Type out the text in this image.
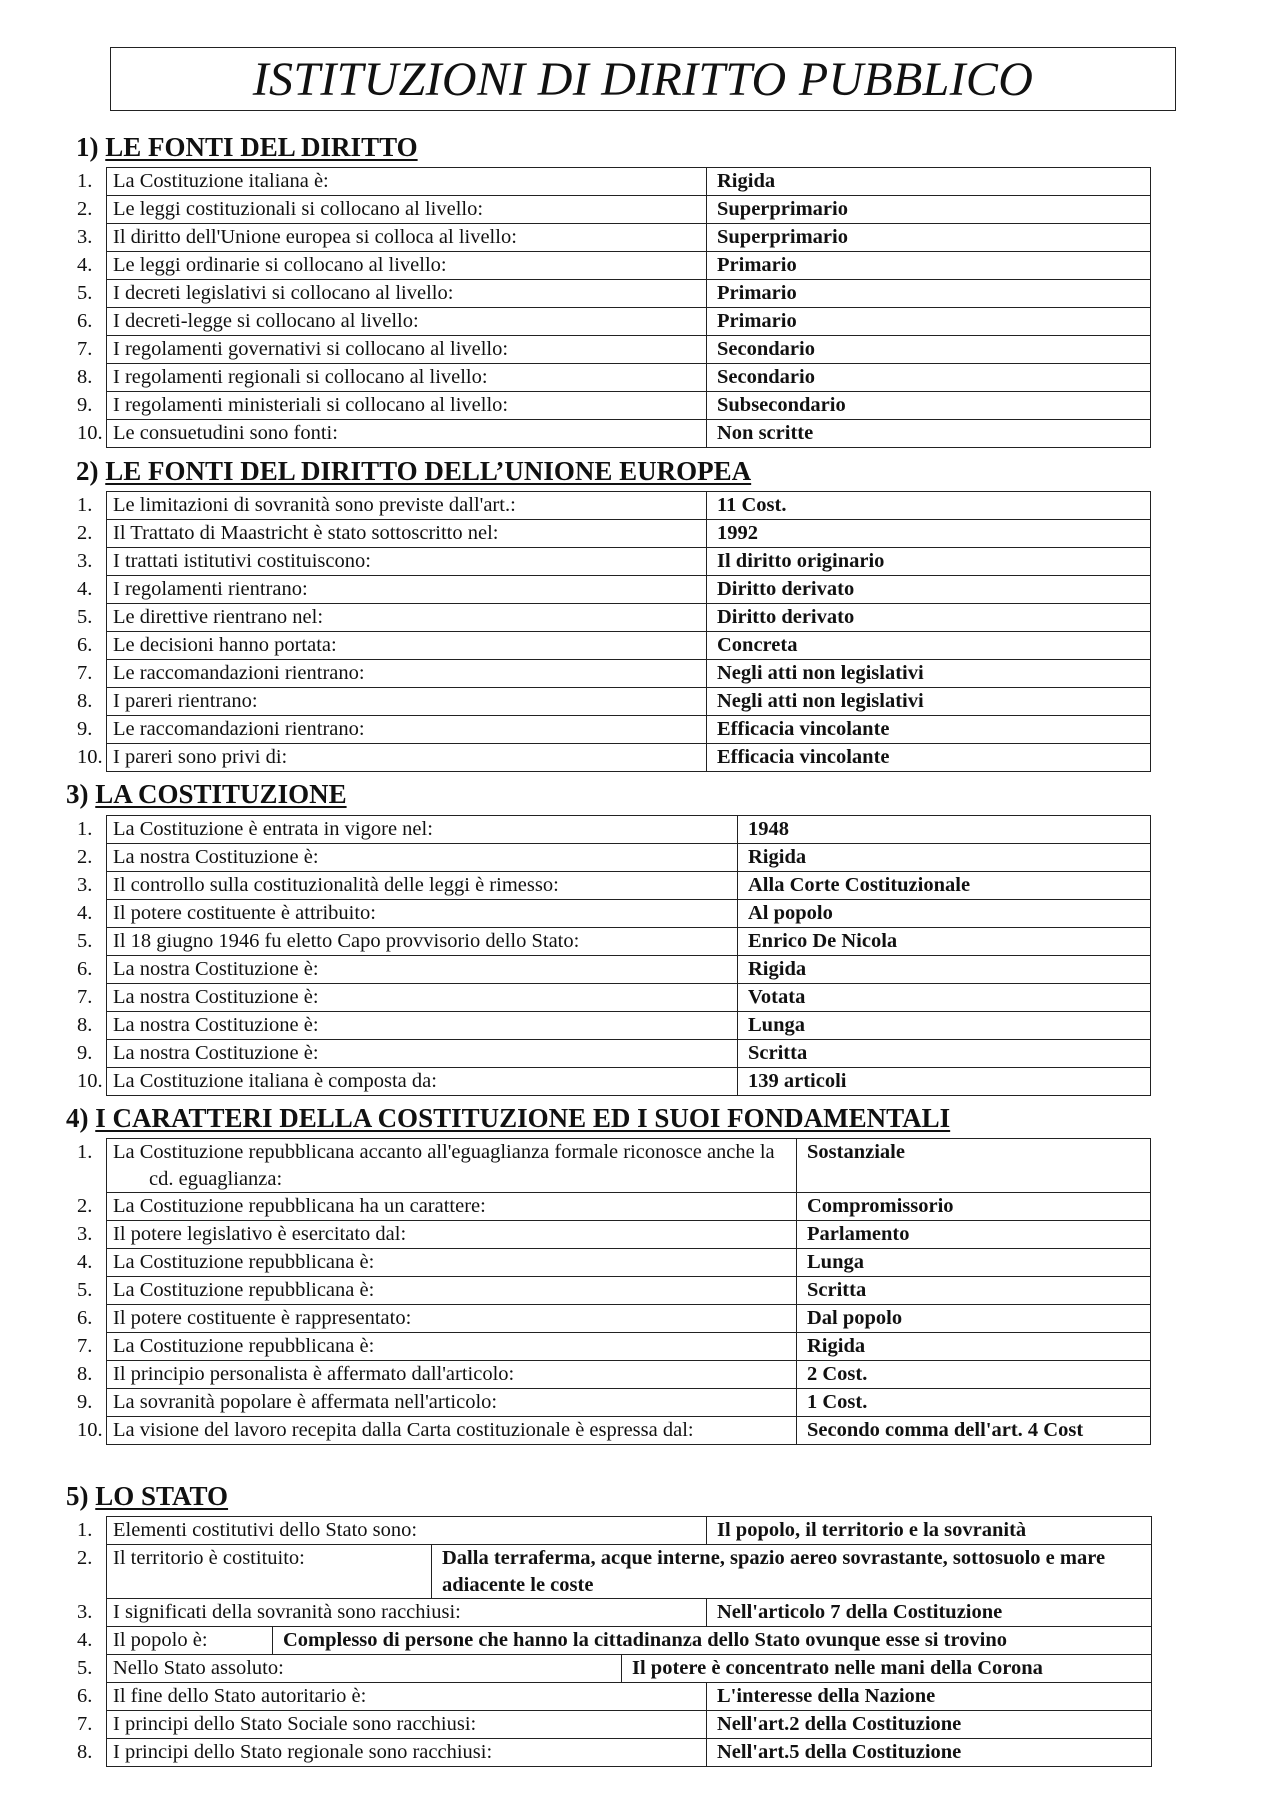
ISTITUZIONI DI DIRITTO PUBBLICO
1) LE FONTI DEL DIRITTO
1. La Costituzione italiana è:	Rigida

2. Le leggi costituzionali si collocano al livello:	Superprimario

3. Il diritto dell'Unione europea si colloca al livello:	Superprimario

4. Le leggi ordinarie si collocano al livello:	Primario

5. I decreti legislativi si collocano al livello:	Primario

6. I decreti-legge si collocano al livello:	Primario

7. I regolamenti governativi si collocano al livello:	Secondario

8. I regolamenti regionali si collocano al livello:	Secondario

9. I regolamenti ministeriali si collocano al livello:	Subsecondario

10. Le consuetudini sono fonti:	Non scritte
2) LE FONTI DEL DIRITTO DELL’UNIONE EUROPEA
1. Le limitazioni di sovranità sono previste dall'art.:	11 Cost.

2. Il Trattato di Maastricht è stato sottoscritto nel:	1992

3. I trattati istitutivi costituiscono:	Il diritto originario

4. I regolamenti rientrano:	Diritto derivato

5. Le direttive rientrano nel:	Diritto derivato

6. Le decisioni hanno portata:	Concreta

7. Le raccomandazioni rientrano:	Negli atti non legislativi

8. I pareri rientrano:	Negli atti non legislativi

9. Le raccomandazioni rientrano:	Efficacia vincolante

10. I pareri sono privi di:	Efficacia vincolante
3) LA COSTITUZIONE
1. La Costituzione è entrata in vigore nel:	1948

2. La nostra Costituzione è:	Rigida

3. Il controllo sulla costituzionalità delle leggi è rimesso:	Alla Corte Costituzionale

4. Il potere costituente è attribuito:	Al popolo

5. Il 18 giugno 1946 fu eletto Capo provvisorio dello Stato:	Enrico De Nicola

6. La nostra Costituzione è:	Rigida

7. La nostra Costituzione è:	Votata

8. La nostra Costituzione è:	Lunga

9. La nostra Costituzione è:	Scritta

10. La Costituzione italiana è composta da:	139 articoli
4) I CARATTERI DELLA COSTITUZIONE ED I SUOI FONDAMENTALI
1. La Costituzione repubblicana accanto all'eguaglianza formale riconosce anche la cd. eguaglianza:	Sostanziale

2. La Costituzione repubblicana ha un carattere:	Compromissorio

3. Il potere legislativo è esercitato dal:	Parlamento

4. La Costituzione repubblicana è:	Lunga

5. La Costituzione repubblicana è:	Scritta

6. Il potere costituente è rappresentato:	Dal popolo

7. La Costituzione repubblicana è:	Rigida

8. Il principio personalista è affermato dall'articolo:	2 Cost.

9. La sovranità popolare è affermata nell'articolo:	1 Cost.

10. La visione del lavoro recepita dalla Carta costituzionale è espressa dal:	Secondo comma dell'art. 4 Cost
5) LO STATO
1. Elementi costitutivi dello Stato sono:				Il popolo, il territorio e la sovranità

2. Il territorio è costituito:		Dalla terraferma, acque interne, spazio aereo sovrastante, sottosuolo e mare adiacente le coste		

3. I significati della sovranità sono racchiusi:				Nell'articolo 7 della Costituzione

4. Il popolo è:	Complesso di persone che hanno la cittadinanza dello Stato ovunque esse si trovino			

5. Nello Stato assoluto:			Il potere è concentrato nelle mani della Corona	

6. Il fine dello Stato autoritario è:				L'interesse della Nazione

7. I principi dello Stato Sociale sono racchiusi:				Nell'art.2 della Costituzione

8. I principi dello Stato regionale sono racchiusi:				Nell'art.5 della Costituzione
